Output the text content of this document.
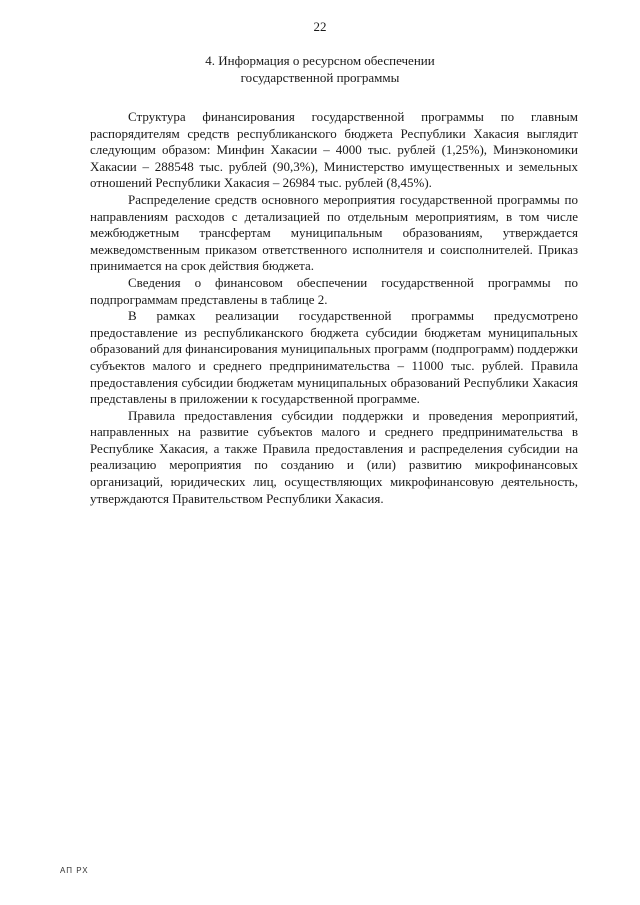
22
4. Информация о ресурсном обеспечении
государственной программы

Структура финансирования государственной программы по главным распорядителям средств республиканского бюджета Республики Хакасия выглядит следующим образом: Минфин Хакасии – 4000 тыс. рублей (1,25%), Минэкономики Хакасии – 288548 тыс. рублей (90,3%), Министерство имущественных и земельных отношений Республики Хакасия – 26984 тыс. рублей (8,45%).

Распределение средств основного мероприятия государственной программы по направлениям расходов с детализацией по отдельным мероприятиям, в том числе межбюджетным трансфертам муниципальным образованиям, утверждается межведомственным приказом ответственного исполнителя и соисполнителей. Приказ принимается на срок действия бюджета.

Сведения о финансовом обеспечении государственной программы по подпрограммам представлены в таблице 2.

В рамках реализации государственной программы предусмотрено предоставление из республиканского бюджета субсидии бюджетам муниципальных образований для финансирования муниципальных программ (подпрограмм) поддержки субъектов малого и среднего предпринимательства – 11000 тыс. рублей. Правила предоставления субсидии бюджетам муниципальных образований Республики Хакасия представлены в приложении к государственной программе.

Правила предоставления субсидии поддержки и проведения мероприятий, направленных на развитие субъектов малого и среднего предпринимательства в Республике Хакасия, а также Правила предоставления и распределения субсидии на реализацию мероприятия по созданию и (или) развитию микрофинансовых организаций, юридических лиц, осуществляющих микрофинансовую деятельность, утверждаются Правительством Республики Хакасия.

АП РХ
